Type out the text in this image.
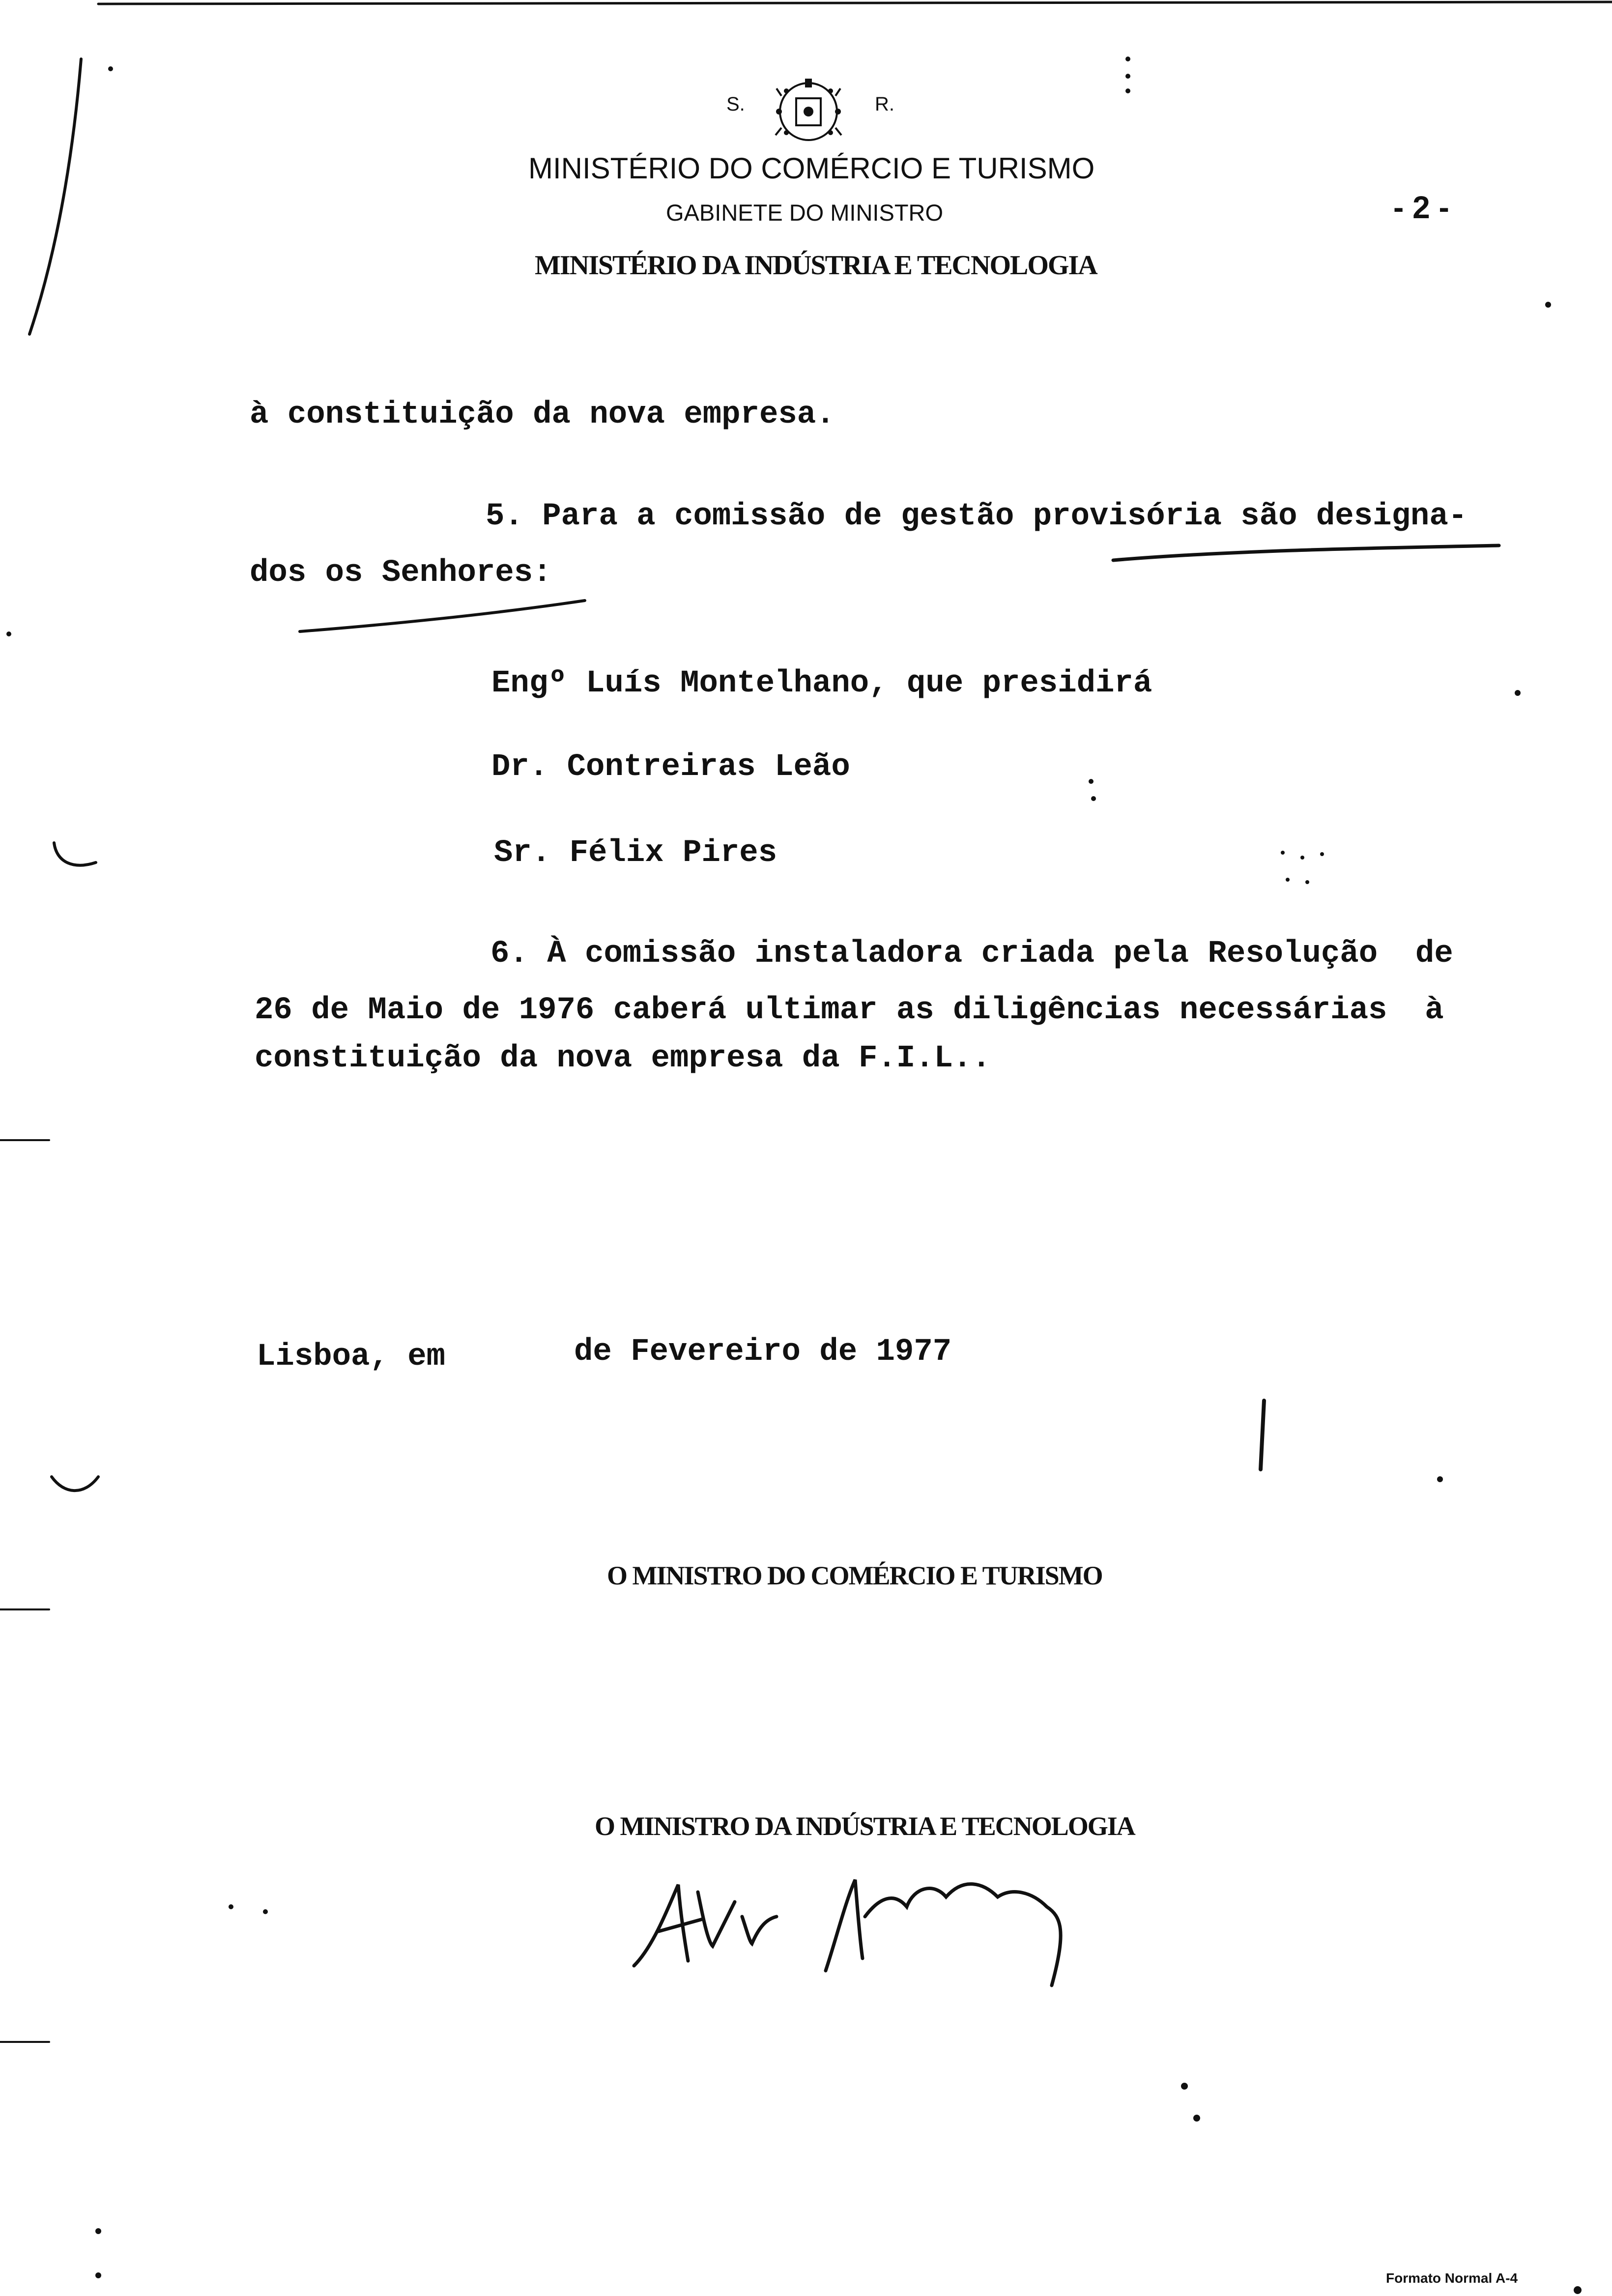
S.	R.
MINISTÉRIO DO COMÉRCIO E TURISMO
GABINETE DO MINISTRO	- 2 -
MINISTÉRIO DA INDÚSTRIA E TECNOLOGIA
à constituição da nova empresa.
5. Para a comissão de gestão provisória são designa-
dos os Senhores:
Engº Luís Montelhano, que presidirá
Dr. Contreiras Leão
Sr. Félix Pires
6. À comissão instaladora criada pela Resolução  de
26 de Maio de 1976 caberá ultimar as diligências necessárias  à
constituição da nova empresa da F.I.L..
Lisboa, em	de Fevereiro de 1977
O MINISTRO DO COMÉRCIO E TURISMO
O MINISTRO DA INDÚSTRIA E TECNOLOGIA
Formato Normal A-4
